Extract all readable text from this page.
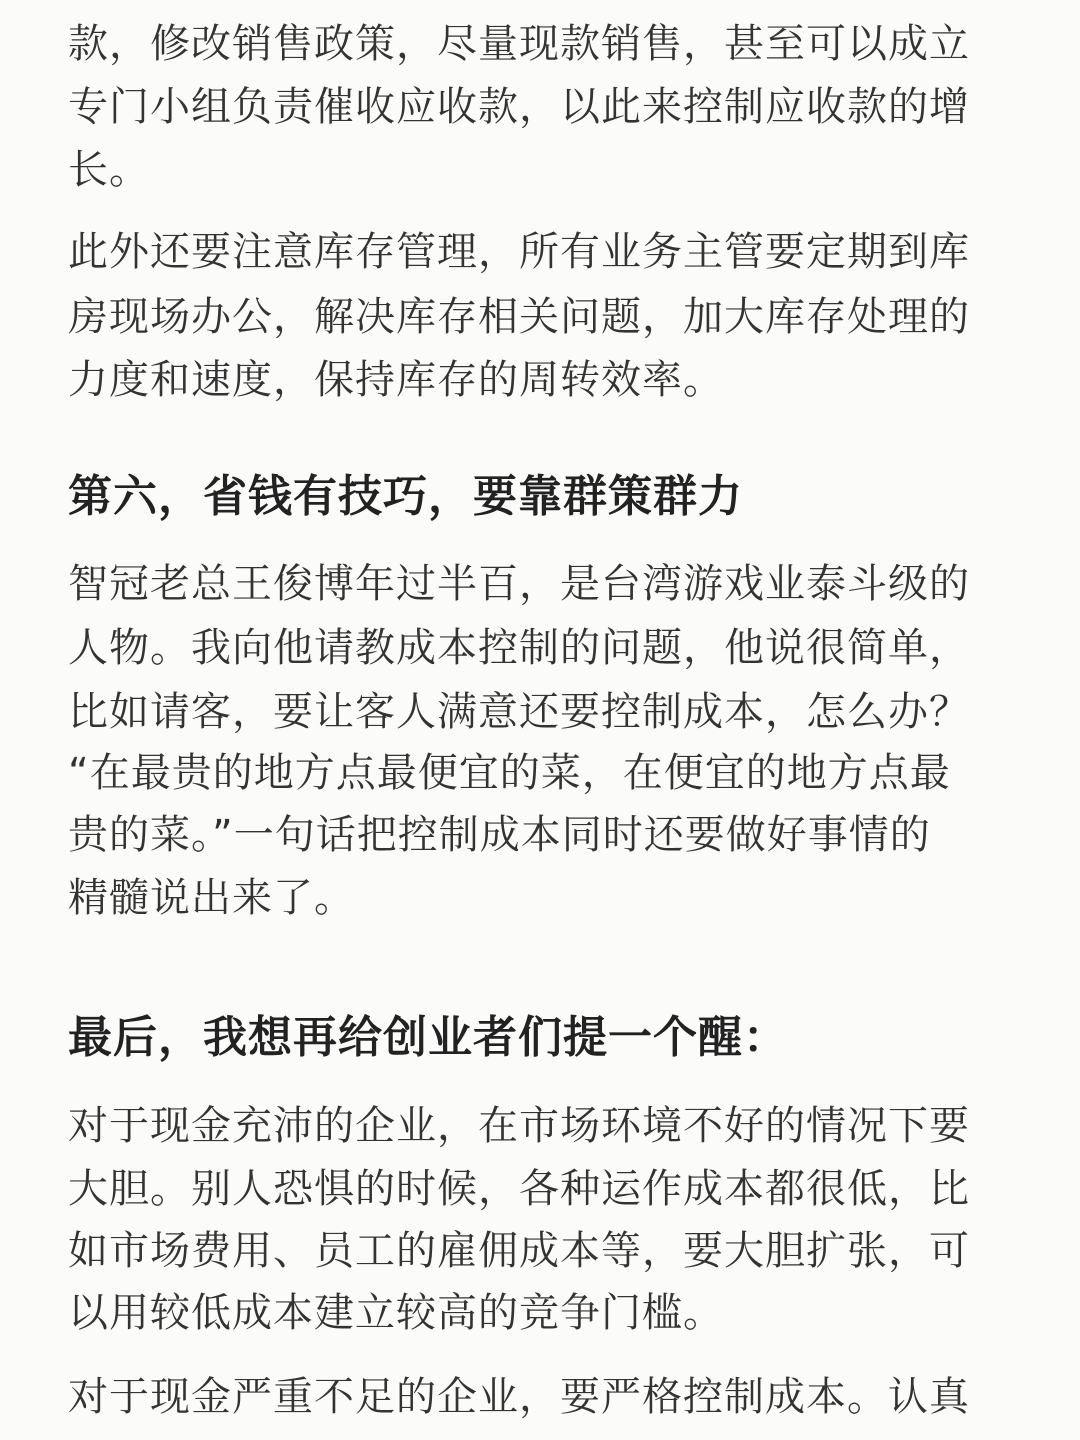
款，修改销售政策，尽量现款销售，甚至可以成立
专门小组负责催收应收款，以此来控制应收款的增
长。
此外还要注意库存管理，所有业务主管要定期到库
房现场办公，解决库存相关问题，加大库存处理的
力度和速度，保持库存的周转效率。
第六，省钱有技巧，要靠群策群力
智冠老总王俊博年过半百，是台湾游戏业泰斗级的
人物。我向他请教成本控制的问题，他说很简单，
比如请客，要让客人满意还要控制成本，怎么办？
“在最贵的地方点最便宜的菜，在便宜的地方点最
贵的菜。”一句话把控制成本同时还要做好事情的
精髓说出来了。
最后，我想再给创业者们提一个醒：
对于现金充沛的企业，在市场环境不好的情况下要
大胆。别人恐惧的时候，各种运作成本都很低，比
如市场费用、员工的雇佣成本等，要大胆扩张，可
以用较低成本建立较高的竞争门槛。
对于现金严重不足的企业，要严格控制成本。认真
